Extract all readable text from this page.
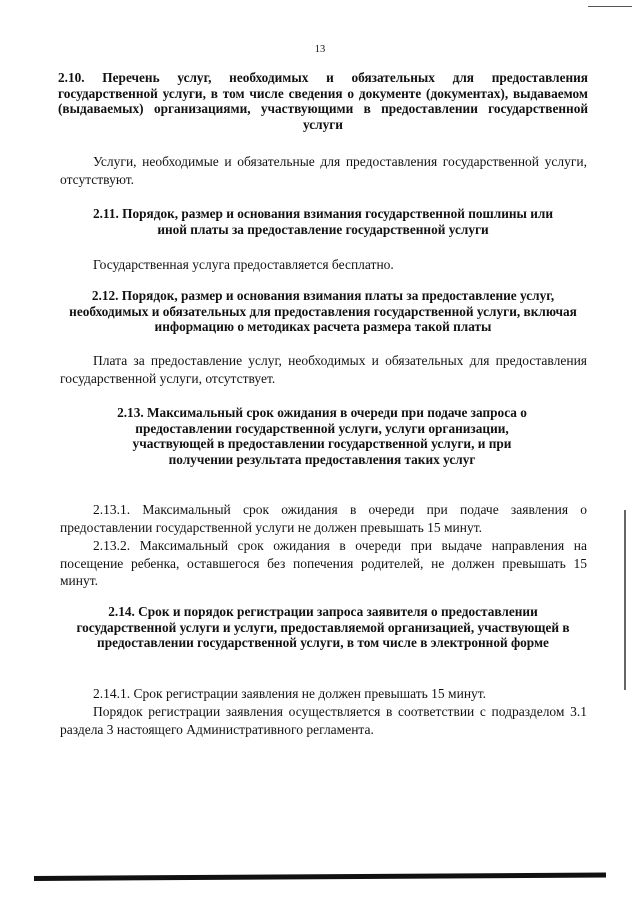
13
2.10. Перечень услуг, необходимых и обязательных для предоставления государственной услуги, в том числе сведения о документе (документах), выдаваемом (выдаваемых) организациями, участвующими в предоставлении государственной услуги

Услуги, необходимые и обязательные для предоставления государственной услуги, отсутствуют.

2.11. Порядок, размер и основания взимания государственной пошлины или иной платы за предоставление государственной услуги

Государственная услуга предоставляется бесплатно.

2.12. Порядок, размер и основания взимания платы за предоставление услуг, необходимых и обязательных для предоставления государственной услуги, включая информацию о методиках расчета размера такой платы

Плата за предоставление услуг, необходимых и обязательных для предоставления государственной услуги, отсутствует.

2.13. Максимальный срок ожидания в очереди при подаче запроса о предоставлении государственной услуги, услуги организации, участвующей в предоставлении государственной услуги, и при получении результата предоставления таких услуг

2.13.1. Максимальный срок ожидания в очереди при подаче заявления о предоставлении государственной услуги не должен превышать 15 минут.

2.13.2. Максимальный срок ожидания в очереди при выдаче направления на посещение ребенка, оставшегося без попечения родителей, не должен превышать 15 минут.

2.14. Срок и порядок регистрации запроса заявителя о предоставлении государственной услуги и услуги, предоставляемой организацией, участвующей в предоставлении государственной услуги, в том числе в электронной форме

2.14.1. Срок регистрации заявления не должен превышать 15 минут.

Порядок регистрации заявления осуществляется в соответствии с подразделом 3.1 раздела 3 настоящего Административного регламента.
